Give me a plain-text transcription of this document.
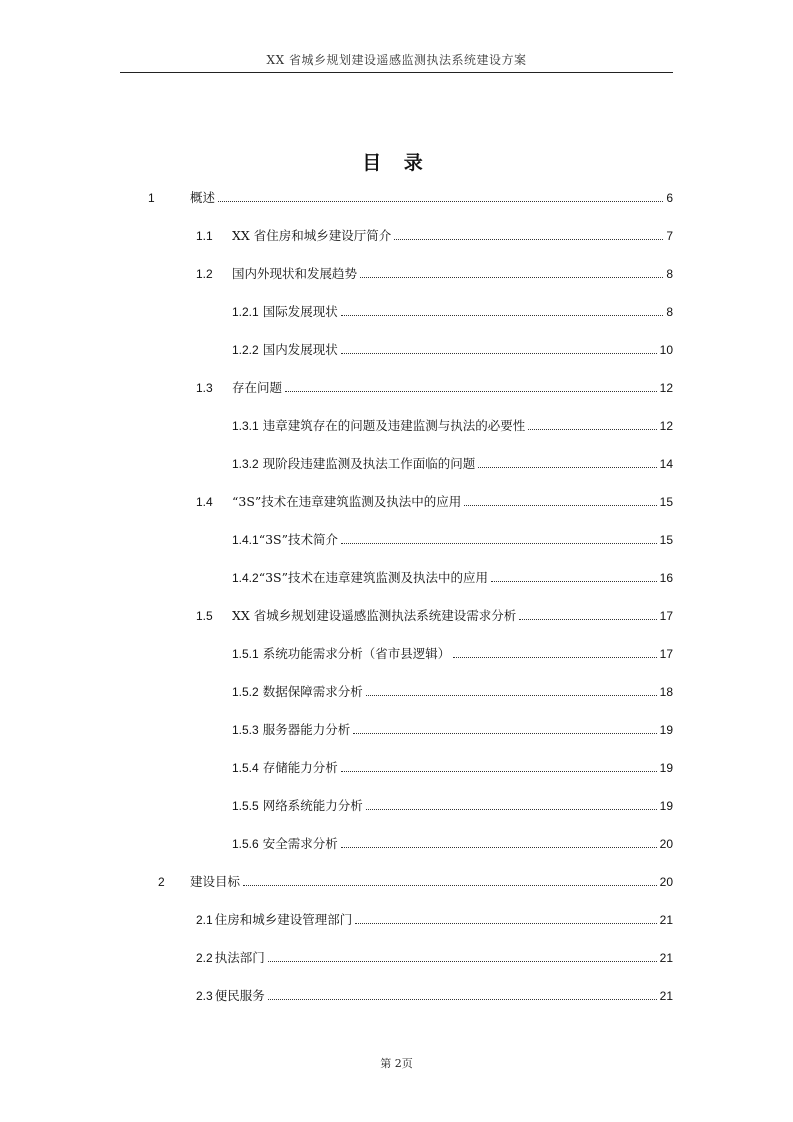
XX 省城乡规划建设遥感监测执法系统建设方案
目 录
1	概述	6
1.1	XX 省住房和城乡建设厅简介	7
1.2	国内外现状和发展趋势	8
1.2.1 国际发展现状	8
1.2.2 国内发展现状	10
1.3	存在问题	12
1.3.1 违章建筑存在的问题及违建监测与执法的必要性	12
1.3.2 现阶段违建监测及执法工作面临的问题	14
1.4	“3S”技术在违章建筑监测及执法中的应用	15
1.4.1 “3S”技术简介	15
1.4.2 “3S”技术在违章建筑监测及执法中的应用	16
1.5	XX 省城乡规划建设遥感监测执法系统建设需求分析	17
1.5.1 系统功能需求分析（省市县逻辑）	17
1.5.2 数据保障需求分析	18
1.5.3 服务器能力分析	19
1.5.4 存储能力分析	19
1.5.5 网络系统能力分析	19
1.5.6 安全需求分析	20
2	建设目标	20
2.1 住房和城乡建设管理部门	21
2.2 执法部门	21
2.3 便民服务	21
第 2页
